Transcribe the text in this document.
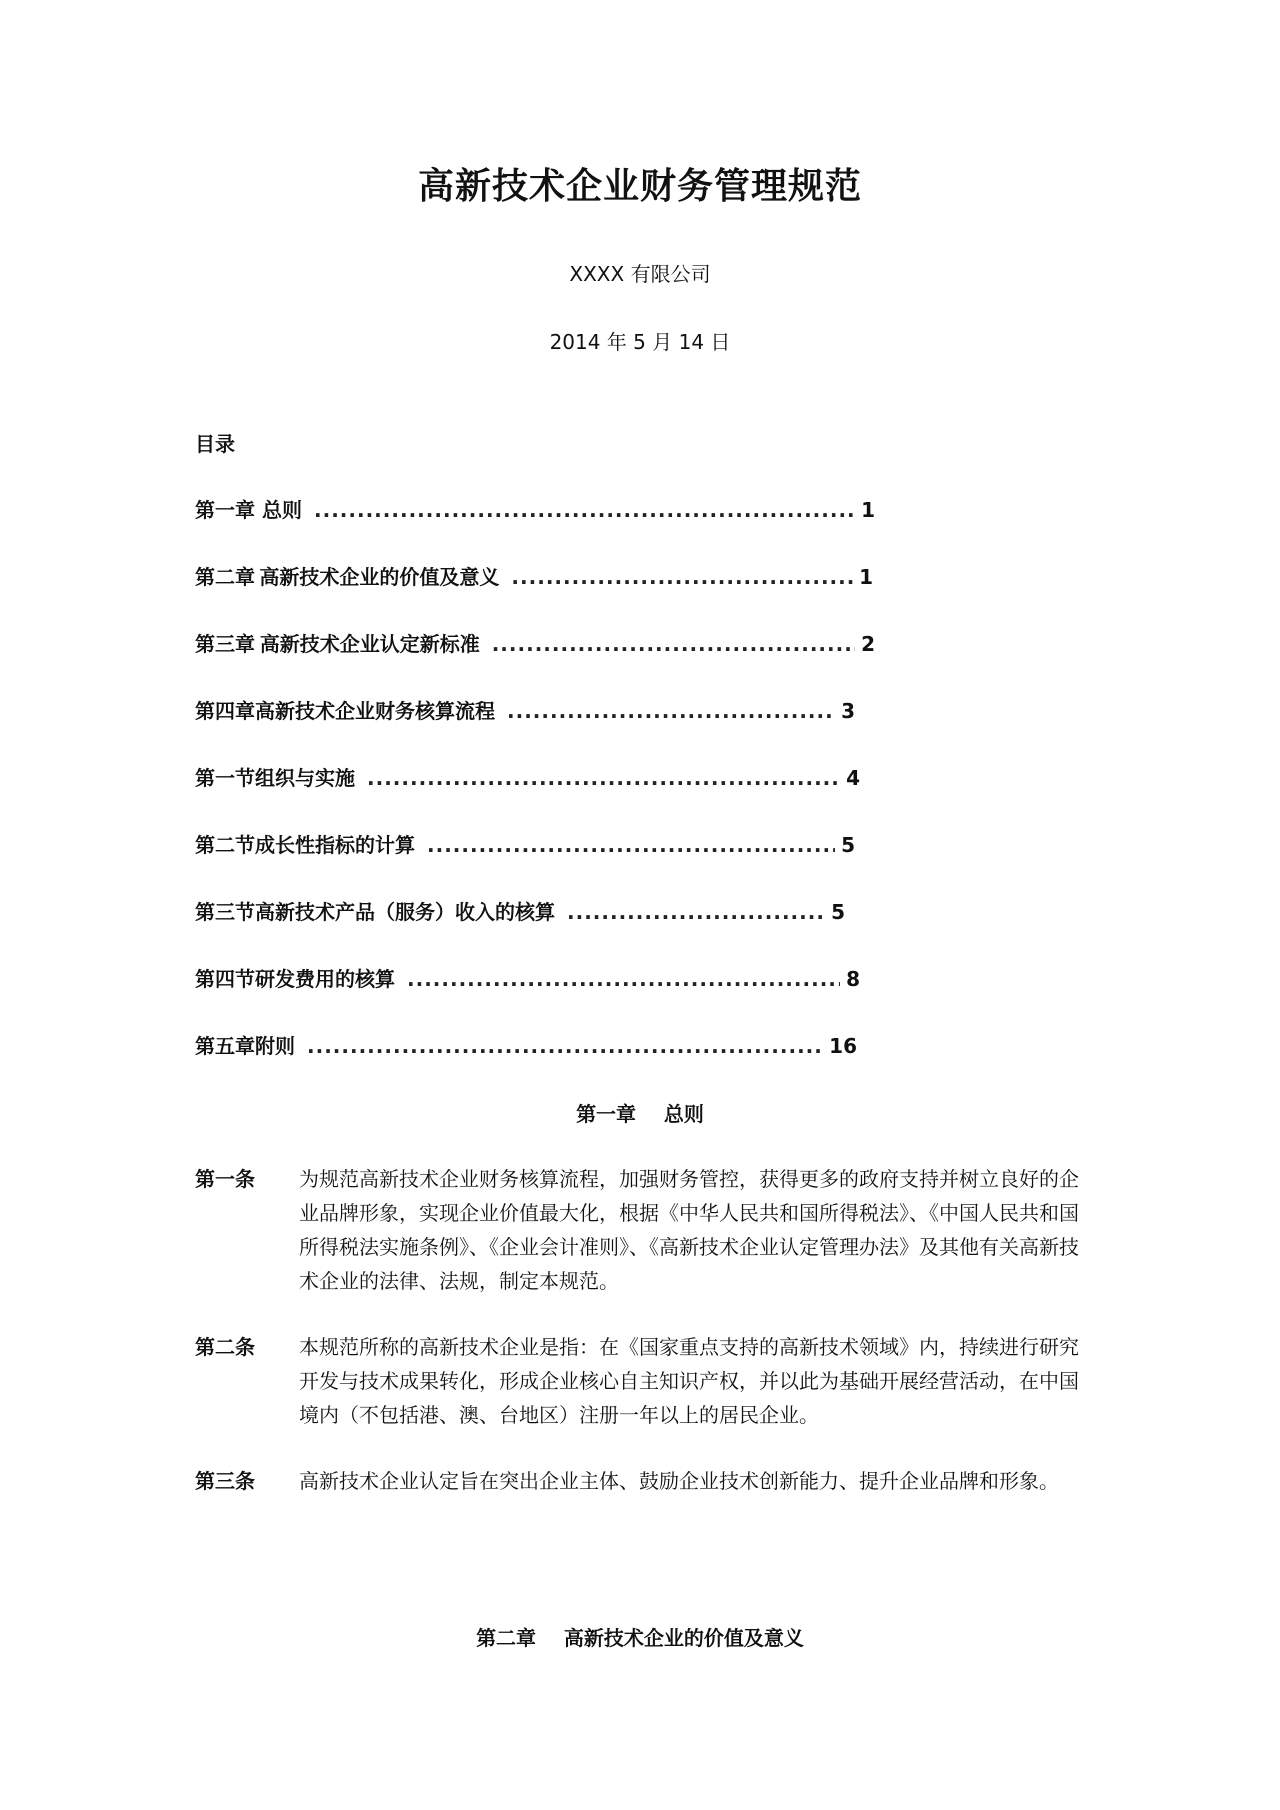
高新技术企业财务管理规范
XXXX 有限公司
2014 年 5 月 14 日
目录
第一章 总则 .....	1
第二章 高新技术企业的价值及意义 .....	1
第三章 高新技术企业认定新标准 .....	2
第四章高新技术企业财务核算流程 .....	3
第一节组织与实施 .....	4
第二节成长性指标的计算 .....	5
第三节高新技术产品（服务）收入的核算 .....	5
第四节研发费用的核算 .....	8
第五章附则 .....	16
第一章    总则
第一条	为规范高新技术企业财务核算流程，加强财务管控，获得更多的政府支持并树立良好的企业品牌形象，实现企业价值最大化，根据《中华人民共和国所得税法》、《中国人民共和国所得税法实施条例》、《企业会计准则》、《高新技术企业认定管理办法》及其他有关高新技术企业的法律、法规，制定本规范。
第二条	本规范所称的高新技术企业是指：在《国家重点支持的高新技术领域》内，持续进行研究开发与技术成果转化，形成企业核心自主知识产权，并以此为基础开展经营活动，在中国境内（不包括港、澳、台地区）注册一年以上的居民企业。
第三条	高新技术企业认定旨在突出企业主体、鼓励企业技术创新能力、提升企业品牌和形象。
第二章    高新技术企业的价值及意义
